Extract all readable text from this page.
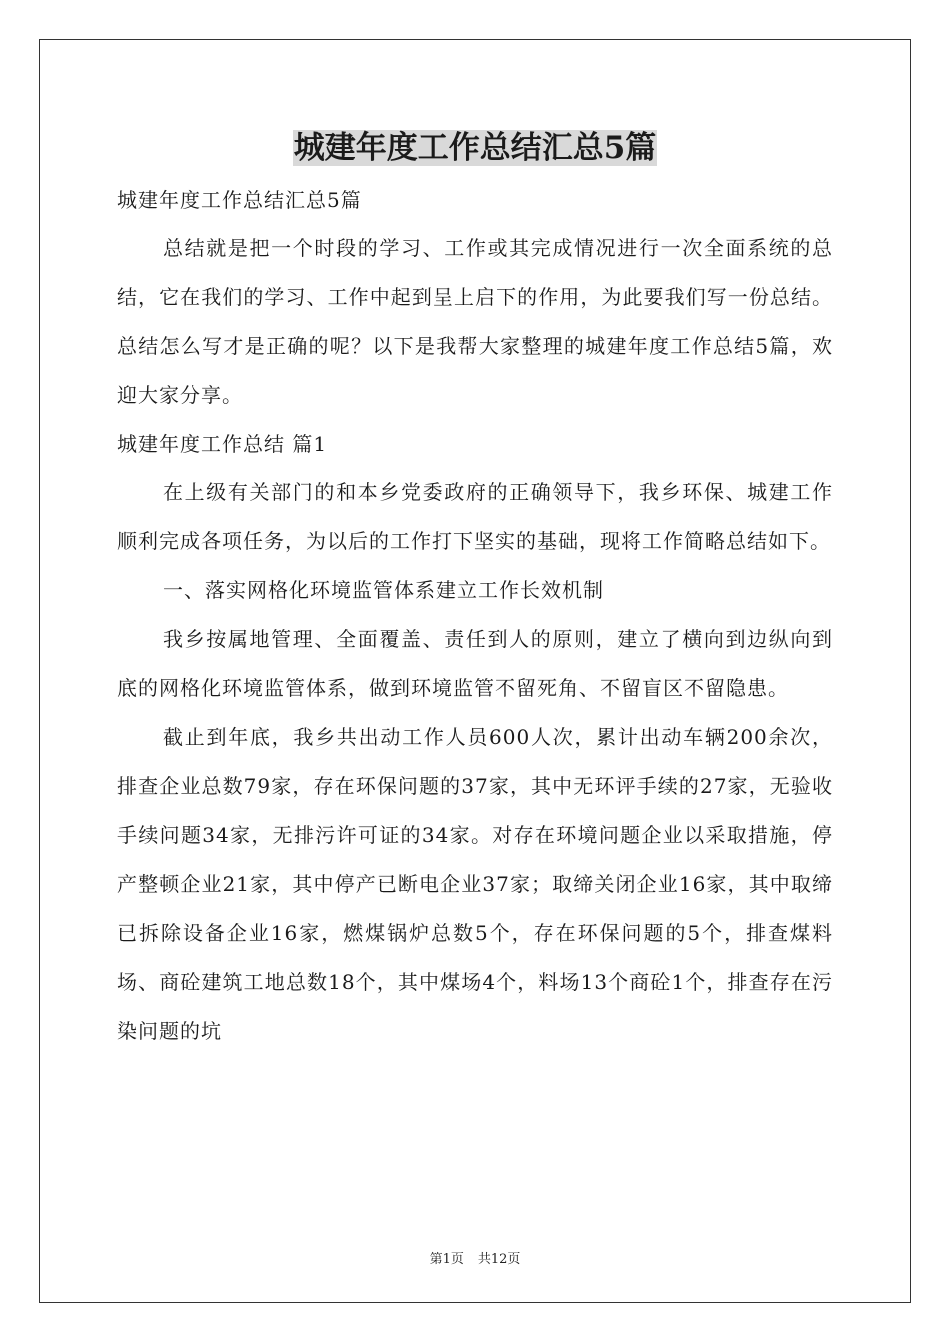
城建年度工作总结汇总5篇

城建年度工作总结汇总5篇

总结就是把一个时段的学习、工作或其完成情况进行一次全面系统的总结，它在我们的学习、工作中起到呈上启下的作用，为此要我们写一份总结。总结怎么写才是正确的呢？以下是我帮大家整理的城建年度工作总结5篇，欢迎大家分享。

城建年度工作总结 篇1

在上级有关部门的和本乡党委政府的正确领导下，我乡环保、城建工作顺利完成各项任务，为以后的工作打下坚实的基础，现将工作简略总结如下。

一、落实网格化环境监管体系建立工作长效机制

我乡按属地管理、全面覆盖、责任到人的原则，建立了横向到边纵向到底的网格化环境监管体系，做到环境监管不留死角、不留盲区不留隐患。

截止到年底，我乡共出动工作人员600人次，累计出动车辆200余次，排查企业总数79家，存在环保问题的37家，其中无环评手续的27家，无验收手续问题34家，无排污许可证的34家。对存在环境问题企业以采取措施，停产整顿企业21家，其中停产已断电企业37家；取缔关闭企业16家，其中取缔已拆除设备企业16家，燃煤锅炉总数5个，存在环保问题的5个，排查煤料场、商砼建筑工地总数18个，其中煤场4个，料场13个商砼1个，排查存在污染问题的坑

第1页 共12页
